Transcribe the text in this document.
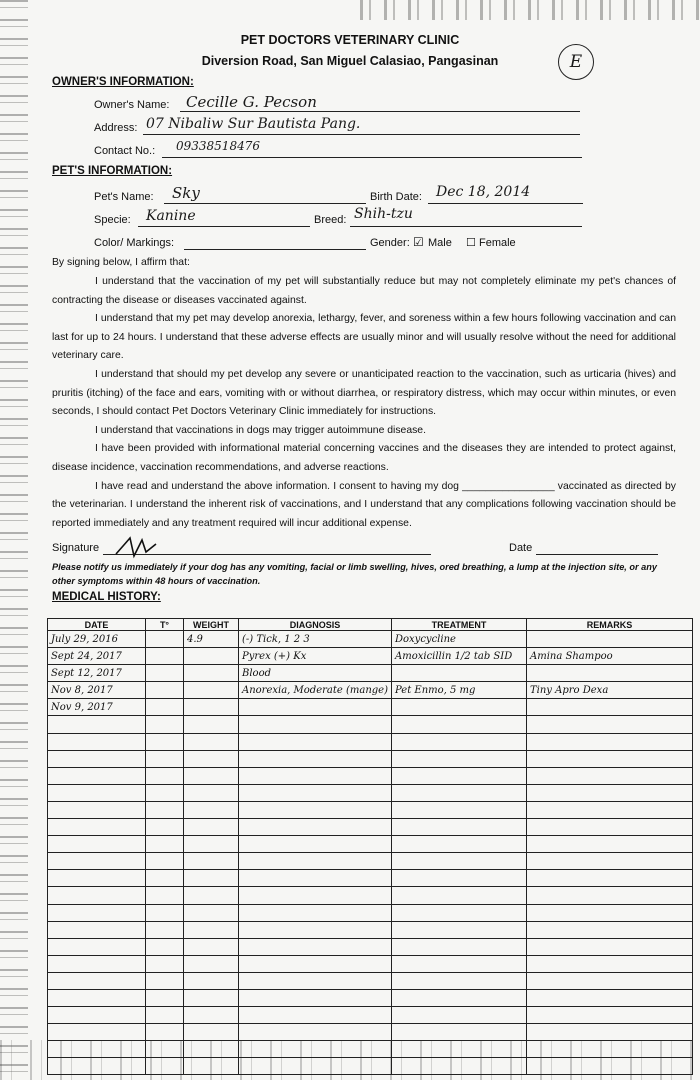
PET DOCTORS VETERINARY CLINIC
Diversion Road, San Miguel Calasiao, Pangasinan	E
OWNER'S INFORMATION:
Owner's Name: Cecille G. Pecson
Address: 07 Nibaliw Sur Bautista Pang.
Contact No.: 09338518476
PET'S INFORMATION:
Pet's Name: Sky	Birth Date: Dec 18, 2014
Specie: Kanine	Breed: Shih-tzu
Color/ Markings:	Gender: ☑ Male ☐ Female
By signing below, I affirm that:

I understand that the vaccination of my pet will substantially reduce but may not completely eliminate my pet's chances of contracting the disease or diseases vaccinated against.

I understand that my pet may develop anorexia, lethargy, fever, and soreness within a few hours following vaccination and can last for up to 24 hours. I understand that these adverse effects are usually minor and will usually resolve without the need for additional veterinary care.

I understand that should my pet develop any severe or unanticipated reaction to the vaccination, such as urticaria (hives) and pruritis (itching) of the face and ears, vomiting with or without diarrhea, or respiratory distress, which may occur within minutes, or even seconds, I should contact Pet Doctors Veterinary Clinic immediately for instructions.

I understand that vaccinations in dogs may trigger autoimmune disease.

I have been provided with informational material concerning vaccines and the diseases they are intended to protect against, disease incidence, vaccination recommendations, and adverse reactions.

I have read and understand the above information. I consent to having my dog ________________ vaccinated as directed by the veterinarian. I understand the inherent risk of vaccinations, and I understand that any complications following vaccination should be reported immediately and any treatment required will incur additional expense.

Signature	Date
Please notify us immediately if your dog has any vomiting, facial or limb swelling, hives, ored breathing, a lump at the injection site, or any other symptoms within 48 hours of vaccination.
MEDICAL HISTORY:
DATE	T°	WEIGHT	DIAGNOSIS	TREATMENT	REMARKS
July 29, 2016		4.9	(-) Tick, 1 2 3	Doxycycline	
Sept 24, 2017			Pyrex (+) Kx	Amoxicillin 1/2 tab SID	Amina Shampoo
Sept 12, 2017			Blood		
Nov 8, 2017			Anorexia, Moderate (mange)	Pet Enmo, 5 mg	Tiny Apro Dexa
Nov 9, 2017					
